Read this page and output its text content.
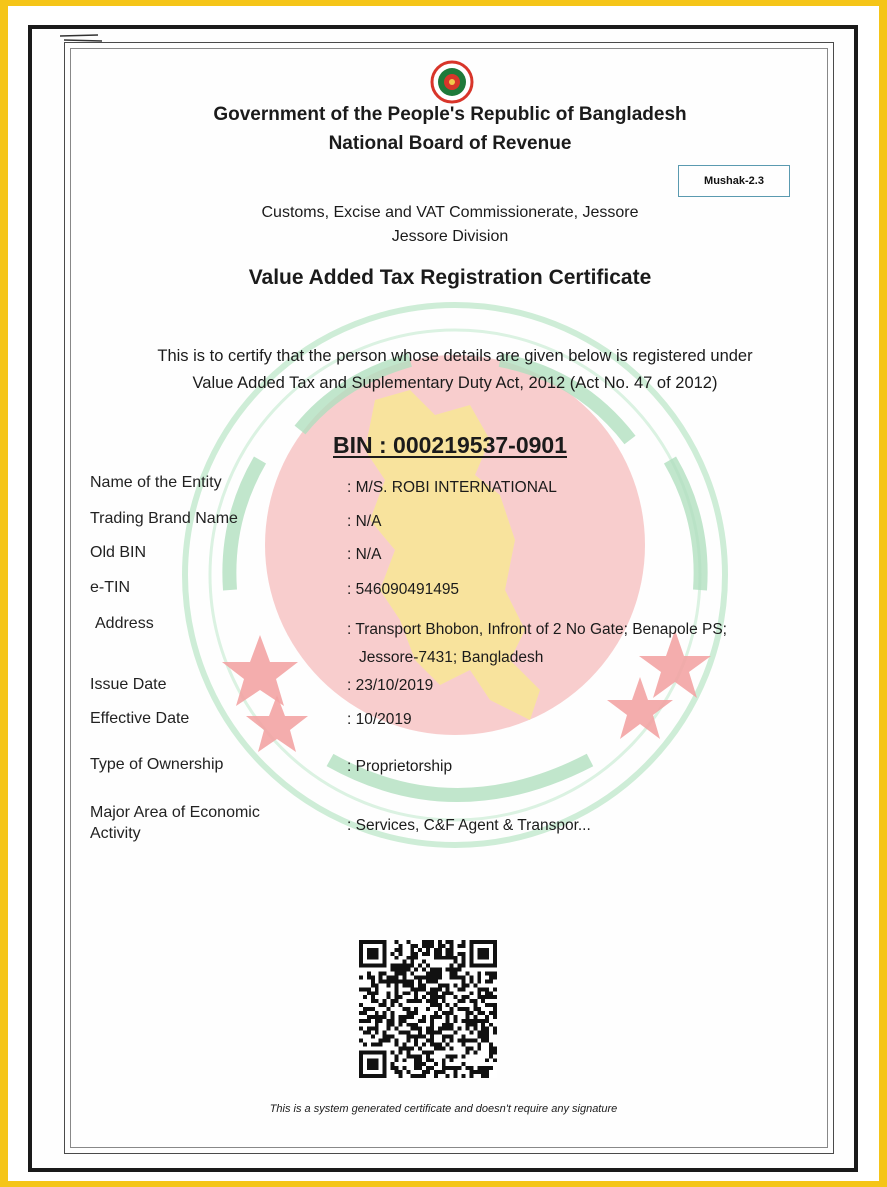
Government of the People's Republic of Bangladesh
National Board of Revenue
Mushak-2.3
Customs, Excise and VAT Commissionerate, Jessore
Jessore Division
Value Added Tax Registration Certificate
This is to certify that the person whose details are given below is registered under
Value Added Tax and Suplementary Duty Act, 2012 (Act No. 47 of 2012)
BIN : 000219537-0901
Name of the Entity	: M/S. ROBI INTERNATIONAL
Trading Brand Name	: N/A
Old BIN	: N/A
e-TIN	: 546090491495
Address	: Transport Bhobon, Infront of 2 No Gate; Benapole PS;
Jessore-7431; Bangladesh
Issue Date	: 23/10/2019
Effective Date	: 10/2019
Type of Ownership	: Proprietorship
Major Area of Economic
Activity	: Services, C&F Agent & Transpor...
This is a system generated certificate and doesn't require any signature
